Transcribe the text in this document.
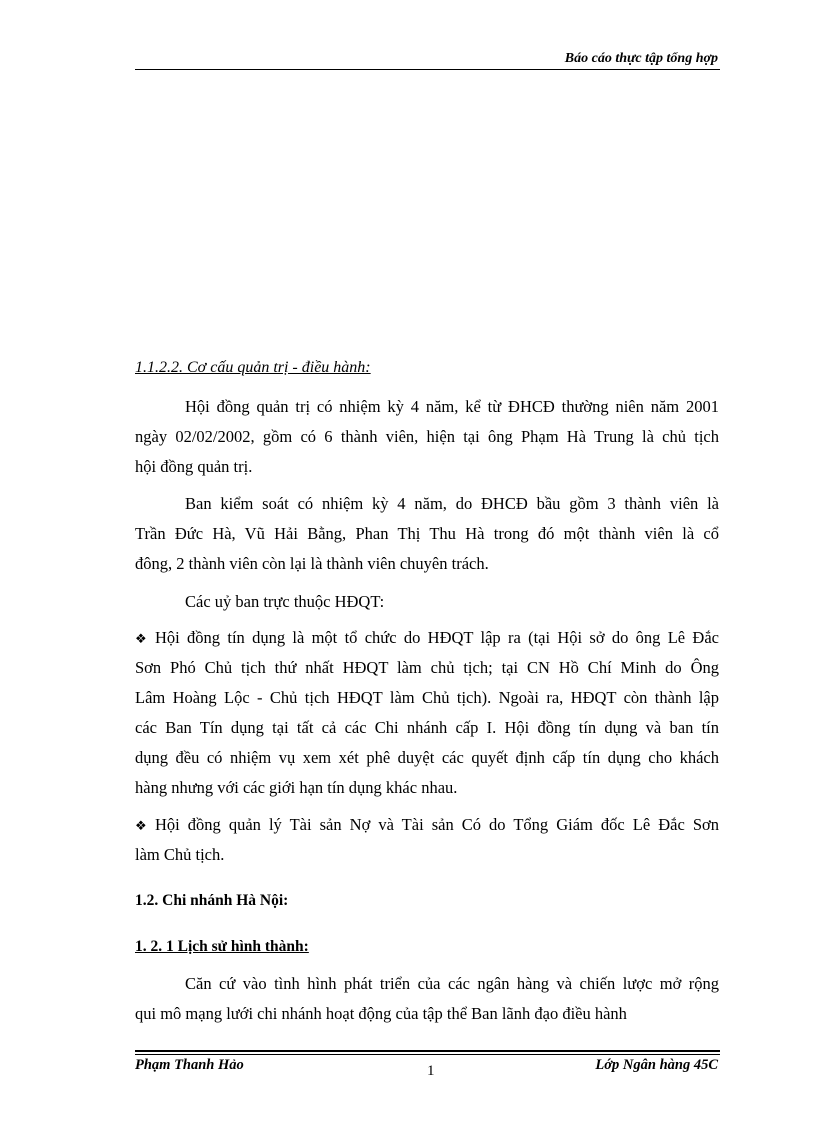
Báo cáo thực tập tổng hợp
1.1.2.2. Cơ cấu quản trị - điều hành:
Hội đồng quản trị có nhiệm kỳ 4 năm, kể từ ĐHCĐ thường niên năm 2001
ngày 02/02/2002, gồm có 6 thành viên, hiện tại ông Phạm Hà Trung là chủ tịch
hội đồng quản trị.
Ban kiểm soát có nhiệm kỳ 4 năm, do ĐHCĐ bầu gồm 3 thành viên là
Trần Đức Hà, Vũ Hải Bằng, Phan Thị Thu Hà trong đó một thành viên là cổ
đông, 2 thành viên còn lại là thành viên chuyên trách.
Các uỷ ban trực thuộc HĐQT:
❖ Hội đồng tín dụng là một tổ chức do HĐQT lập ra (tại Hội sở do ông Lê Đắc
Sơn Phó Chủ tịch thứ nhất HĐQT làm chủ tịch; tại CN Hồ Chí Minh do Ông
Lâm Hoàng Lộc - Chủ tịch HĐQT làm Chủ tịch). Ngoài ra, HĐQT còn thành lập
các Ban Tín dụng tại tất cả các Chi nhánh cấp I. Hội đồng tín dụng và ban tín
dụng đều có nhiệm vụ xem xét phê duyệt các quyết định cấp tín dụng cho khách
hàng nhưng với các giới hạn tín dụng khác nhau.
❖ Hội đồng quản lý Tài sản Nợ và Tài sản Có do Tổng Giám đốc Lê Đắc Sơn
làm Chủ tịch.
1.2. Chi nhánh Hà Nội:
1. 2. 1 Lịch sử hình thành:
Căn cứ vào tình hình phát triển của các ngân hàng và chiến lược mở rộng
qui mô mạng lưới chi nhánh hoạt động của tập thể Ban lãnh đạo điều hành
Phạm Thanh Hảo	1	Lớp Ngân hàng 45C
